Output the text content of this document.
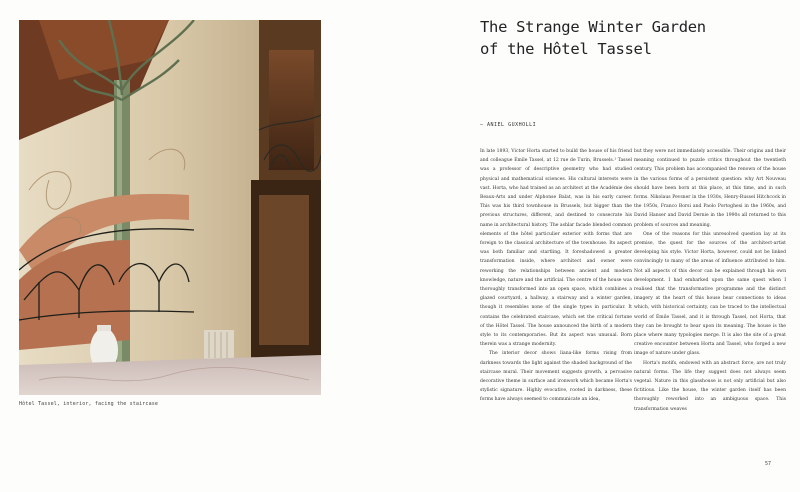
Hôtel Tassel, interior, facing the staircase
The Strange Winter Garden
of the Hôtel Tassel
— ANIEL GUXHOLLI

In late 1893, Victor Horta started to build the house of his friend and colleague Émile Tassel, at 12 rue de Turin, Brussels.¹ Tassel was a professor of descriptive geometry who had studied physical and mathematical sciences. His cultural interests were vast. Horta, who had trained as an architect at the Académie des Beaux-Arts and under Alphonse Balat, was in his early career. This was his third townhouse in Brussels, but bigger than the previous structures, different, and destined to consecrate his name in architectural history. The ashlar facade blended common elements of the hôtel particulier exterior with forms that are foreign to the classical architecture of the townhouse. Its aspect was both familiar and startling. It foreshadowed a greater transformation inside, where architect and owner were reworking the relationships between ancient and modern knowledge, nature and the artificial. The centre of the house was thoroughly transformed into an open space, which combines a glazed courtyard, a hallway, a stairway and a winter garden, though it resembles none of the single types in particular. It contains the celebrated staircase, which set the critical fortune of the Hôtel Tassel. The house announced the birth of a modern style to its contemporaries. But its aspect was unusual. Born therein was a strange modernity.

The interior decor shows liana-like forms rising from darkness towards the light against the shaded background of the staircase mural. Their movement suggests growth, a pervasive decorative theme in surface and ironwork which became Horta's stylistic signature. Highly evocative, rooted in darkness, these forms have always seemed to communicate an idea,

but they were not immediately accessible. Their origins and their meaning continued to puzzle critics throughout the twentieth century. This problem has accompanied the renown of the house in the various forms of a persistent question: why Art Nouveau should have been born at this place, at this time, and in such forms. Nikolaus Pevsner in the 1930s, Henry-Russel Hitchcock in the 1950s, Franco Borsi and Paolo Portoghesi in the 1960s, and David Hanser and David Dernie in the 1990s all returned to this problem of sources and meaning.

One of the reasons for this unresolved question lay at its premise, the quest for the sources of the architect-artist developing his style. Victor Horta, however, could not be linked convincingly to many of the areas of influence attributed to him. Not all aspects of this decor can be explained through his own development. I had embarked upon the same quest when I realised that the transformative programme and the distinct imagery at the heart of this house bear connections to ideas which, with historical certainty, can be traced to the intellectual world of Émile Tassel, and it is through Tassel, not Horta, that they can be brought to bear upon its meaning. The house is the place where many typologies merge. It is also the site of a great creative encounter between Horta and Tassel, who forged a new image of nature under glass.

Horta's motifs, endowed with an abstract force, are not truly natural forms. The life they suggest does not always seem vegetal. Nature in this glasshouse is not only artificial but also fictitious. Like the house, the winter garden itself has been thoroughly reworked into an ambiguous space. This transformation weaves

57
